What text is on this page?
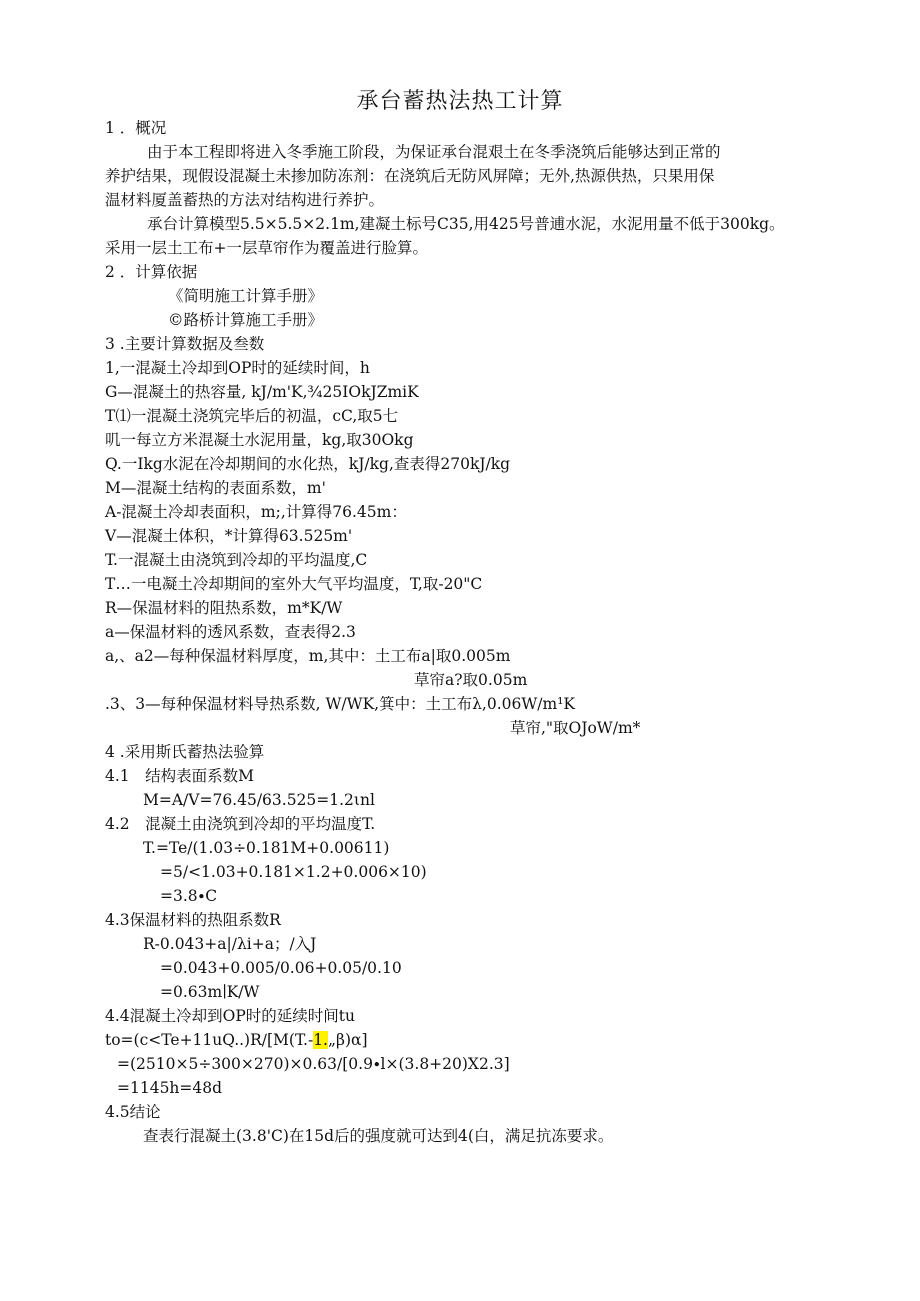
承台蓄热法热工计算
1 ．概况
由于本工程即将进入冬季施工阶段，为保证承台混艰土在冬季浇筑后能够达到正常的
养护结果，现假设混凝土未掺加防冻剂：在浇筑后无防风屏障；无外,热源供热，只果用保
温材料厦盖蓄热的方法对结构进行养护。
承台计算模型5.5×5.5×2.1m,建凝土标号C35,用425号普逋水泥，水泥用量不低于300kg。
采用一层土工布+一层草帘作为覆盖进行脸算。
2 ．计算依据
《简明施工计算手册》
©路桥计算施工手册》
3 .主要计算数据及叁数
1,一混凝土冷却到OP时的延续时间，h
G—混凝土的热容量, kJ/m'K,¾25IOkJZmiK
T⑴一混凝土浇筑完毕后的初温，cC,取5七
叽一每立方米混凝土水泥用量，kg,取30Okg
Q.一Ikg水泥在冷却期间的水化热，kJ∕kg,查表得270kJ∕kg
M—混凝土结构的表面系数，m'
A-混凝土冷却表面积，m;,计算得76.45m：
V—混凝土体积，*计算得63.525m'
T.一混凝土由浇筑到冷却的平均温度,C
T…一电凝土冷却期间的室外大气平均温度，T,取-20"C
R—保温材料的阻热系数，m*K∕W
a—保温材料的透风系数，查表得2.3
a,、a2—每种保温材料厚度，m,其中：土工布a|取0.005m
草帘a?取0.05m
.3、3—每种保温材料导热系数, W/WK,箕中：土工布λ,0.06W∕m¹K
草帘,"取OJoW/m*
4 .采用斯氏蓄热法验算
4.1　结构表面系数M
M=A∕V=76.45/63.525=1.2ιnl
4.2　混凝土由浇筑到冷却的平均温度T.
T.=Te/(1.03÷0.181M+0.00611)
=5/<1.03+0.181×1.2+0.006×10)
=3.8∙C
4.3保温材料的热阻系数R
R-0.043+a|∕λi+a；/入J
=0.043+0.005/0.06+0.05/0.10
=0.63m∣K∕W
4.4混凝土冷却到OP时的延续时间tu
to=(c<Te+11uQ..)R∕[M(T.-1.„β)α]
=(2510×5÷300×270)×0.63∕[0.9∙l×(3.8+20)X2.3]
=1145h=48d
4.5结论
查表行混凝土(3.8'C)在15d后的强度就可达到4(白，满足抗冻要求。
